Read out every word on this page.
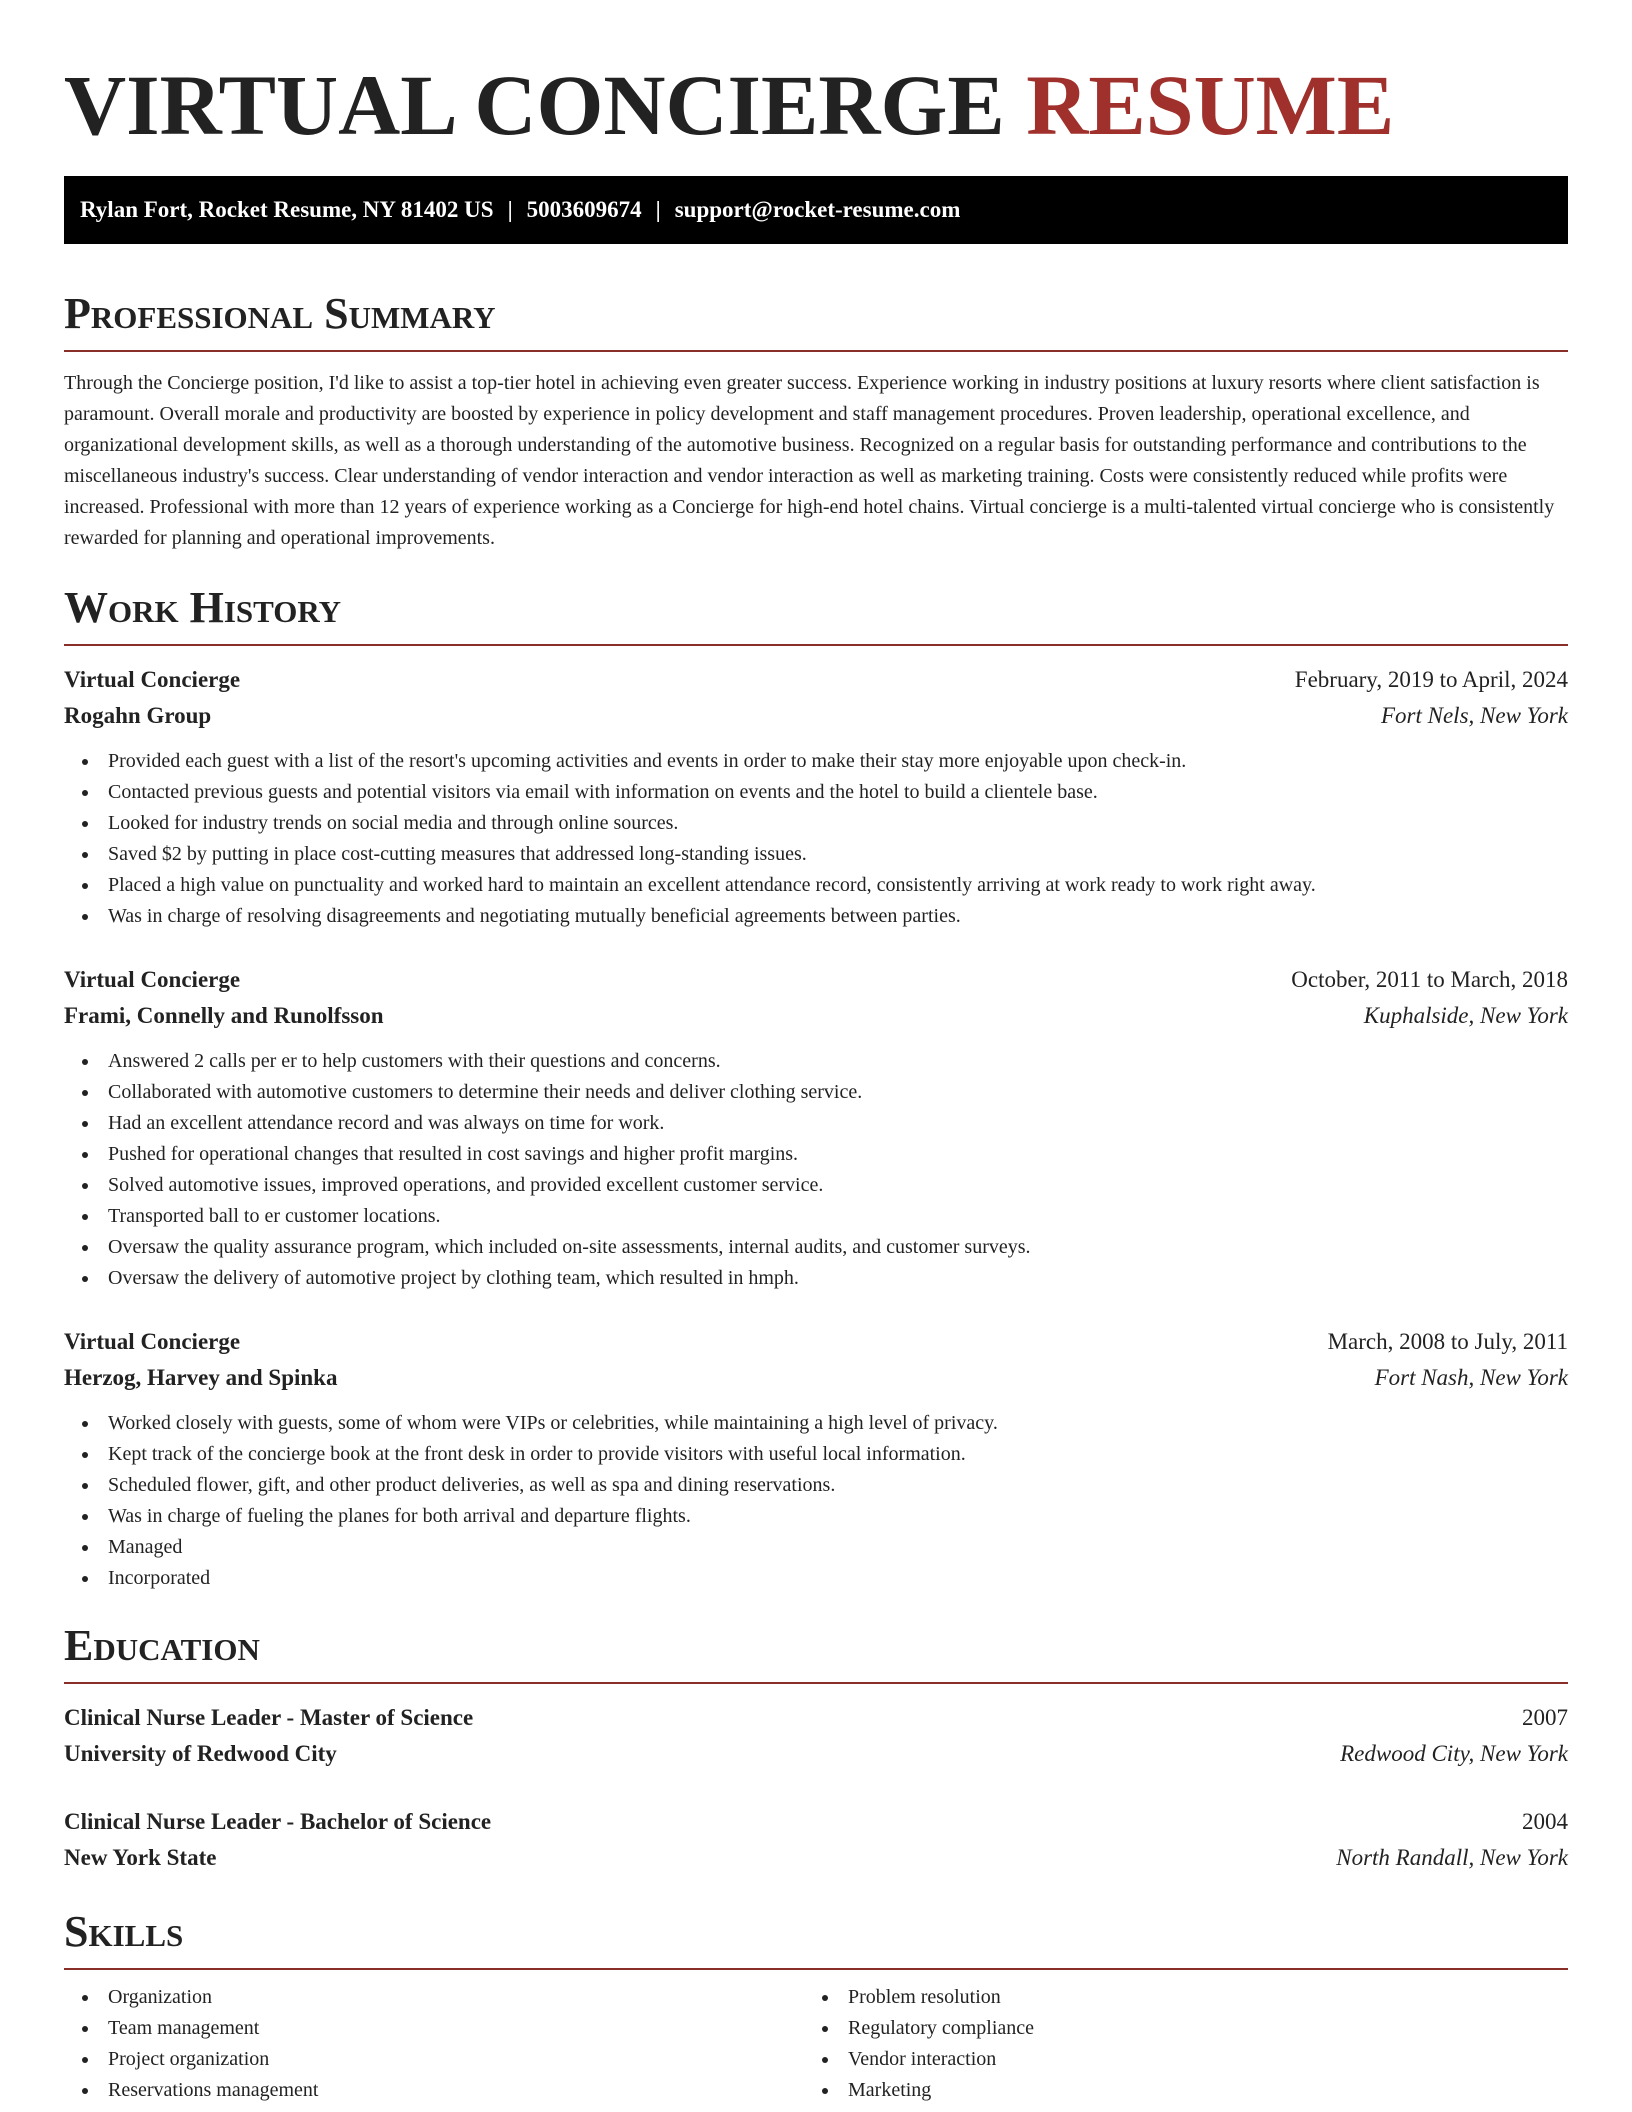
VIRTUAL CONCIERGE RESUME
Rylan Fort, Rocket Resume, NY 81402 US | 5003609674 | support@rocket-resume.com
Professional Summary

Through the Concierge position, I'd like to assist a top-tier hotel in achieving even greater success. Experience working in industry positions at luxury resorts where client satisfaction is paramount. Overall morale and productivity are boosted by experience in policy development and staff management procedures. Proven leadership, operational excellence, and organizational development skills, as well as a thorough understanding of the automotive business. Recognized on a regular basis for outstanding performance and contributions to the miscellaneous industry's success. Clear understanding of vendor interaction and vendor interaction as well as marketing training. Costs were consistently reduced while profits were increased. Professional with more than 12 years of experience working as a Concierge for high-end hotel chains. Virtual concierge is a multi-talented virtual concierge who is consistently rewarded for planning and operational improvements.

Work History
Virtual Concierge	February, 2019 to April, 2024
Rogahn Group	Fort Nels, New York
Provided each guest with a list of the resort's upcoming activities and events in order to make their stay more enjoyable upon check-in.
Contacted previous guests and potential visitors via email with information on events and the hotel to build a clientele base.
Looked for industry trends on social media and through online sources.
Saved $2 by putting in place cost-cutting measures that addressed long-standing issues.
Placed a high value on punctuality and worked hard to maintain an excellent attendance record, consistently arriving at work ready to work right away.
Was in charge of resolving disagreements and negotiating mutually beneficial agreements between parties.
Virtual Concierge	October, 2011 to March, 2018
Frami, Connelly and Runolfsson	Kuphalside, New York
Answered 2 calls per er to help customers with their questions and concerns.
Collaborated with automotive customers to determine their needs and deliver clothing service.
Had an excellent attendance record and was always on time for work.
Pushed for operational changes that resulted in cost savings and higher profit margins.
Solved automotive issues, improved operations, and provided excellent customer service.
Transported ball to er customer locations.
Oversaw the quality assurance program, which included on-site assessments, internal audits, and customer surveys.
Oversaw the delivery of automotive project by clothing team, which resulted in hmph.
Virtual Concierge	March, 2008 to July, 2011
Herzog, Harvey and Spinka	Fort Nash, New York
Worked closely with guests, some of whom were VIPs or celebrities, while maintaining a high level of privacy.
Kept track of the concierge book at the front desk in order to provide visitors with useful local information.
Scheduled flower, gift, and other product deliveries, as well as spa and dining reservations.
Was in charge of fueling the planes for both arrival and departure flights.
Managed
Incorporated
Education
Clinical Nurse Leader - Master of Science	2007
University of Redwood City	Redwood City, New York
Clinical Nurse Leader - Bachelor of Science	2004
New York State	North Randall, New York
Skills
Organization
Team management
Project organization
Reservations management
Problem resolution
Regulatory compliance
Vendor interaction
Marketing
